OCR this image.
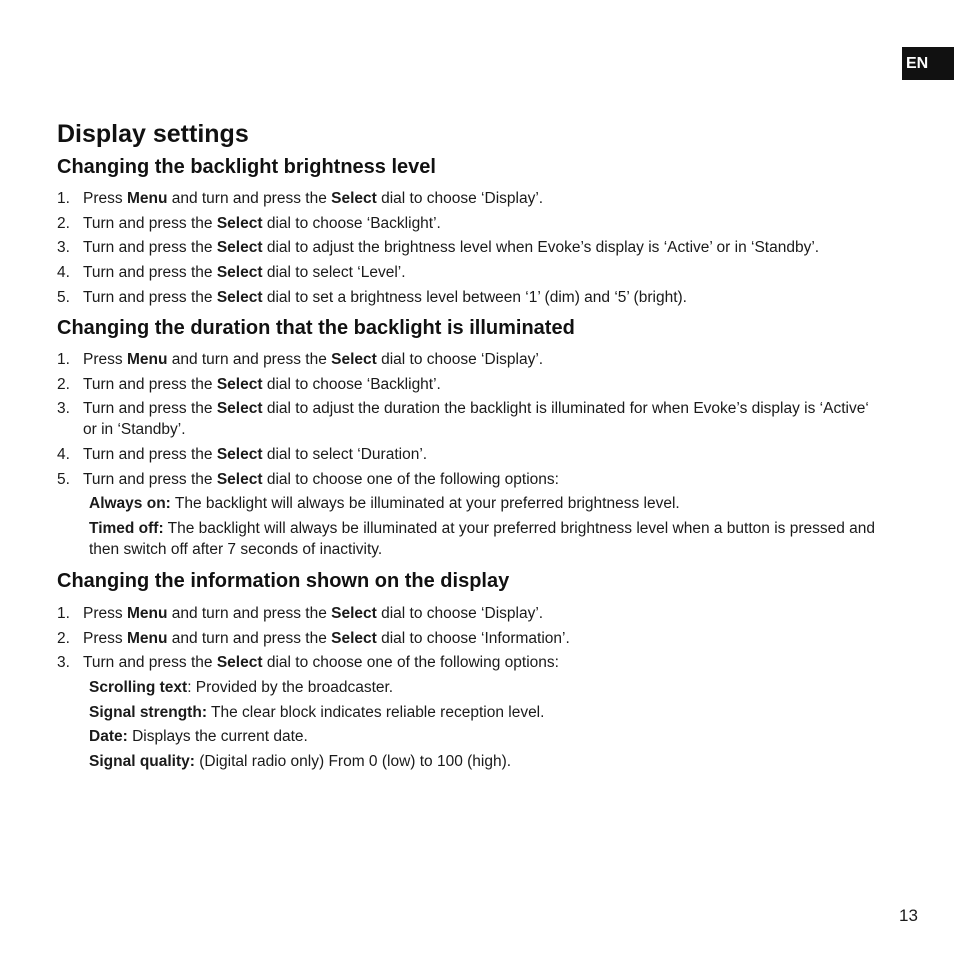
EN
Display settings
Changing the backlight brightness level
1. Press Menu and turn and press the Select dial to choose ‘Display’.
2. Turn and press the Select dial to choose ‘Backlight’.
3. Turn and press the Select dial to adjust the brightness level when Evoke’s display is ‘Active’ or in ‘Standby’.
4. Turn and press the Select dial to select ‘Level’.
5. Turn and press the Select dial to set a brightness level between ‘1’ (dim) and ‘5’ (bright).
Changing the duration that the backlight is illuminated
1. Press Menu and turn and press the Select dial to choose ‘Display’.
2. Turn and press the Select dial to choose ‘Backlight’.
3. Turn and press the Select dial to adjust the duration the backlight is illuminated for when Evoke’s display is ‘Active‘ or in ‘Standby’.
4. Turn and press the Select dial to select ‘Duration’.
5. Turn and press the Select dial to choose one of the following options:
Always on: The backlight will always be illuminated at your preferred brightness level.
Timed off: The backlight will always be illuminated at your preferred brightness level when a button is pressed and then switch off after 7 seconds of inactivity.
Changing the information shown on the display
1. Press Menu and turn and press the Select dial to choose ‘Display’.
2. Press Menu and turn and press the Select dial to choose ‘Information’.
3. Turn and press the Select dial to choose one of the following options:
Scrolling text: Provided by the broadcaster.
Signal strength: The clear block indicates reliable reception level.
Date: Displays the current date.
Signal quality: (Digital radio only) From 0 (low) to 100 (high).
13
